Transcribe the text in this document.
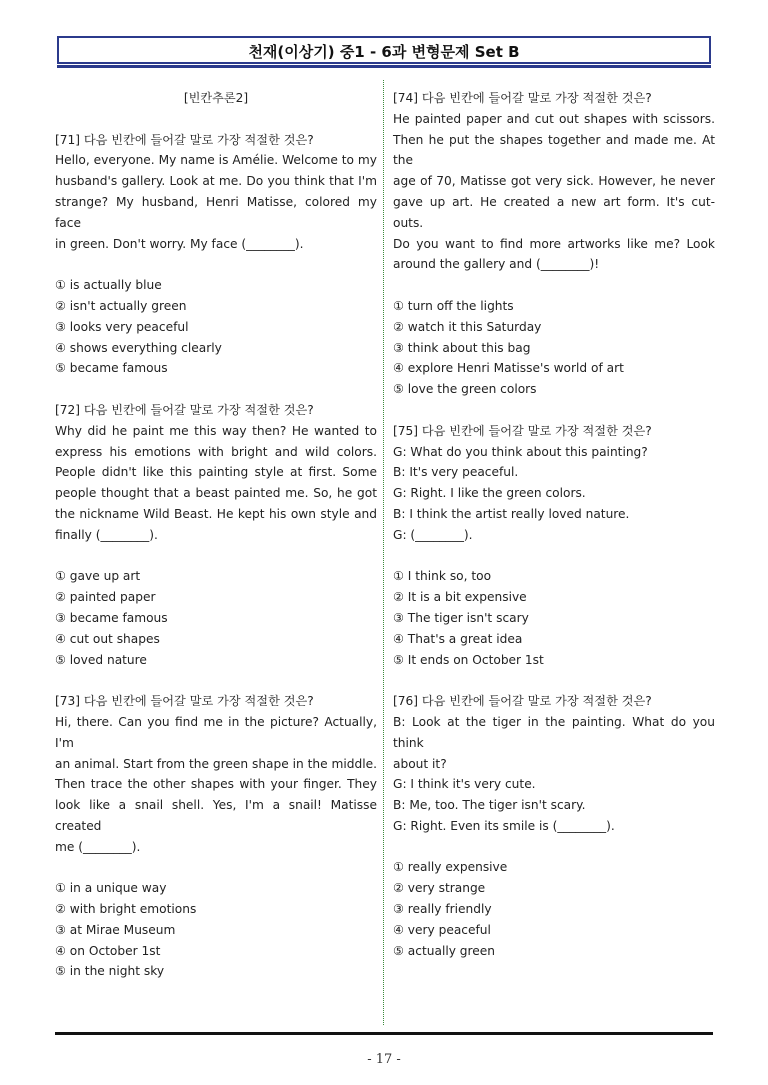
천재(이상기) 중1 - 6과 변형문제 Set B

[빈칸추론2]

[71] 다음 빈칸에 들어갈 말로 가장 적절한 것은?

Hello, everyone. My name is Amélie. Welcome to my

husband's gallery. Look at me. Do you think that I'm

strange? My husband, Henri Matisse, colored my face

in green. Don't worry. My face (________).

① is actually blue

② isn't actually green

③ looks very peaceful

④ shows everything clearly

⑤ became famous

[72] 다음 빈칸에 들어갈 말로 가장 적절한 것은?

Why did he paint me this way then? He wanted to

express his emotions with bright and wild colors.

People didn't like this painting style at first. Some

people thought that a beast painted me. So, he got

the nickname Wild Beast. He kept his own style and

finally (________).

① gave up art

② painted paper

③ became famous

④ cut out shapes

⑤ loved nature

[73] 다음 빈칸에 들어갈 말로 가장 적절한 것은?

Hi, there. Can you find me in the picture? Actually, I'm

an animal. Start from the green shape in the middle.

Then trace the other shapes with your finger. They

look like a snail shell. Yes, I'm a snail! Matisse created

me (________).

① in a unique way

② with bright emotions

③ at Mirae Museum

④ on October 1st

⑤ in the night sky

[74] 다음 빈칸에 들어갈 말로 가장 적절한 것은?

He painted paper and cut out shapes with scissors.

Then he put the shapes together and made me. At the

age of 70, Matisse got very sick. However, he never

gave up art. He created a new art form. It's cut-outs.

Do you want to find more artworks like me? Look

around the gallery and (________)!

① turn off the lights

② watch it this Saturday

③ think about this bag

④ explore Henri Matisse's world of art

⑤ love the green colors

[75] 다음 빈칸에 들어갈 말로 가장 적절한 것은?

G: What do you think about this painting?

B: It's very peaceful.

G: Right. I like the green colors.

B: I think the artist really loved nature.

G: (________).

① I think so, too

② It is a bit expensive

③ The tiger isn't scary

④ That's a great idea

⑤ It ends on October 1st

[76] 다음 빈칸에 들어갈 말로 가장 적절한 것은?

B: Look at the tiger in the painting. What do you think

about it?

G: I think it's very cute.

B: Me, too. The tiger isn't scary.

G: Right. Even its smile is (________).

① really expensive

② very strange

③ really friendly

④ very peaceful

⑤ actually green

- 17 -
